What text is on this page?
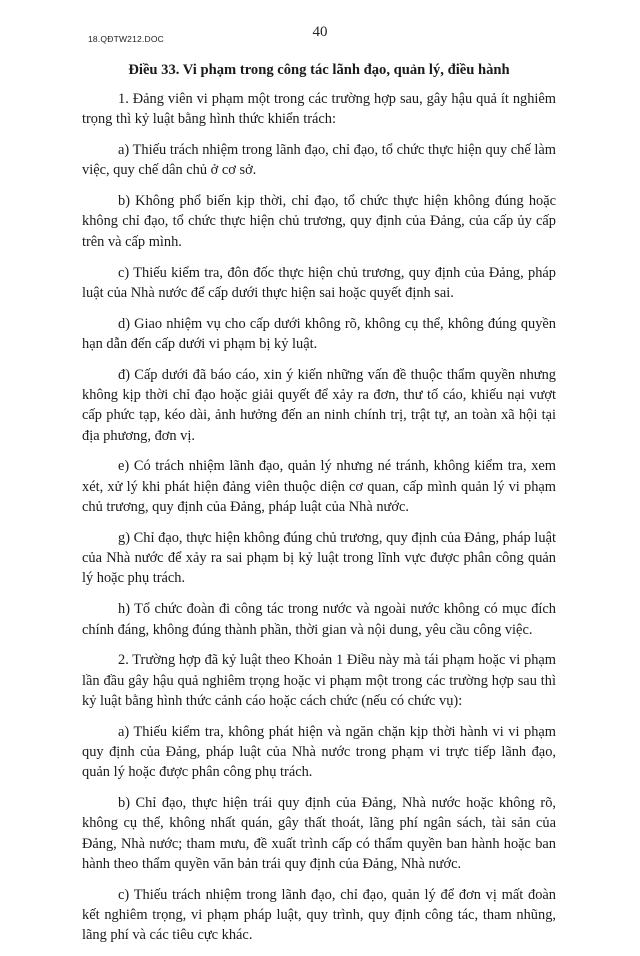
18.QĐTW212.DOC	40
Điều 33. Vi phạm trong công tác lãnh đạo, quản lý, điều hành

1. Đảng viên vi phạm một trong các trường hợp sau, gây hậu quả ít nghiêm trọng thì kỷ luật bằng hình thức khiển trách:

a) Thiếu trách nhiệm trong lãnh đạo, chỉ đạo, tổ chức thực hiện quy chế làm việc, quy chế dân chủ ở cơ sở.

b) Không phổ biến kịp thời, chỉ đạo, tổ chức thực hiện không đúng hoặc không chỉ đạo, tổ chức thực hiện chủ trương, quy định của Đảng, của cấp ủy cấp trên và cấp mình.

c) Thiếu kiểm tra, đôn đốc thực hiện chủ trương, quy định của Đảng, pháp luật của Nhà nước để cấp dưới thực hiện sai hoặc quyết định sai.

d) Giao nhiệm vụ cho cấp dưới không rõ, không cụ thể, không đúng quyền hạn dẫn đến cấp dưới vi phạm bị kỷ luật.

đ) Cấp dưới đã báo cáo, xin ý kiến những vấn đề thuộc thẩm quyền nhưng không kịp thời chỉ đạo hoặc giải quyết để xảy ra đơn, thư tố cáo, khiếu nại vượt cấp phức tạp, kéo dài, ảnh hưởng đến an ninh chính trị, trật tự, an toàn xã hội tại địa phương, đơn vị.

e) Có trách nhiệm lãnh đạo, quản lý nhưng né tránh, không kiểm tra, xem xét, xử lý khi phát hiện đảng viên thuộc diện cơ quan, cấp mình quản lý vi phạm chủ trương, quy định của Đảng, pháp luật của Nhà nước.

g) Chỉ đạo, thực hiện không đúng chủ trương, quy định của Đảng, pháp luật của Nhà nước để xảy ra sai phạm bị kỷ luật trong lĩnh vực được phân công quản lý hoặc phụ trách.

h) Tổ chức đoàn đi công tác trong nước và ngoài nước không có mục đích chính đáng, không đúng thành phần, thời gian và nội dung, yêu cầu công việc.

2. Trường hợp đã kỷ luật theo Khoản 1 Điều này mà tái phạm hoặc vi phạm lần đầu gây hậu quả nghiêm trọng hoặc vi phạm một trong các trường hợp sau thì kỷ luật bằng hình thức cảnh cáo hoặc cách chức (nếu có chức vụ):

a) Thiếu kiểm tra, không phát hiện và ngăn chặn kịp thời hành vi vi phạm quy định của Đảng, pháp luật của Nhà nước trong phạm vi trực tiếp lãnh đạo, quản lý hoặc được phân công phụ trách.

b) Chỉ đạo, thực hiện trái quy định của Đảng, Nhà nước hoặc không rõ, không cụ thể, không nhất quán, gây thất thoát, lãng phí ngân sách, tài sản của Đảng, Nhà nước; tham mưu, đề xuất trình cấp có thẩm quyền ban hành hoặc ban hành theo thẩm quyền văn bản trái quy định của Đảng, Nhà nước.

c) Thiếu trách nhiệm trong lãnh đạo, chỉ đạo, quản lý để đơn vị mất đoàn kết nghiêm trọng, vi phạm pháp luật, quy trình, quy định công tác, tham nhũng, lãng phí và các tiêu cực khác.
